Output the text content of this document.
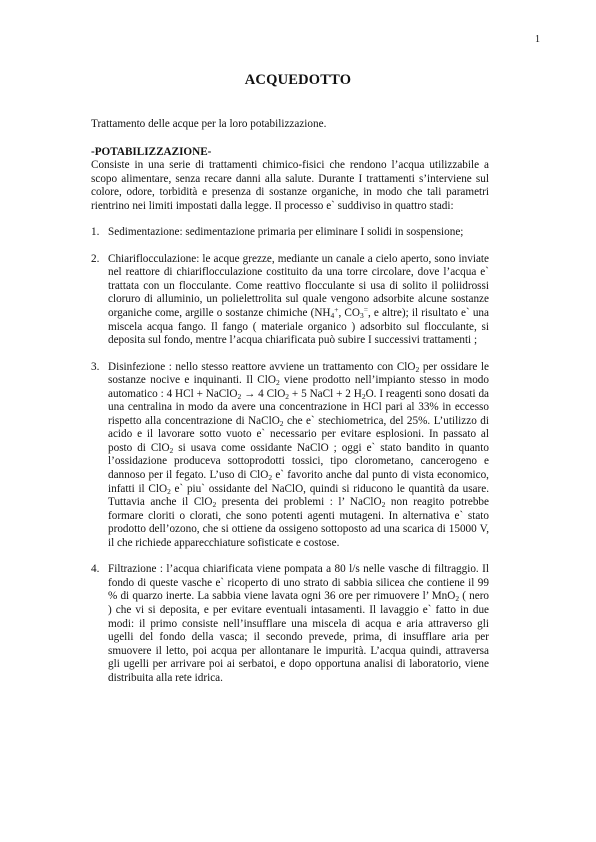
1
ACQUEDOTTO

Trattamento delle acque per la loro potabilizzazione.

-POTABILIZZAZIONE-

Consiste in una serie di trattamenti chimico-fisici che rendono l’acqua utilizzabile a scopo alimentare, senza recare danni alla salute. Durante I trattamenti s’interviene sul colore, odore, torbidità e presenza di sostanze organiche, in modo che tali parametri rientrino nei limiti impostati dalla legge. Il processo e` suddiviso in quattro stadi:

1. Sedimentazione: sedimentazione primaria per eliminare I solidi in sospensione;
2. Chiariflocculazione: le acque grezze, mediante un canale a cielo aperto, sono inviate nel reattore di chiariflocculazione costituito da una torre circolare, dove l’acqua e` trattata con un flocculante. Come reattivo flocculante si usa di solito il poliidrossi cloruro di alluminio, un polielettrolita sul quale vengono adsorbite alcune sostanze organiche come, argille o sostanze chimiche ($NH_4^+$, $CO_3^=$, e altre); il risultato e` una miscela acqua fango. Il fango ( materiale organico ) adsorbito sul flocculante, si deposita sul fondo, mentre l’acqua chiarificata può subire I successivi trattamenti ;
3. Disinfezione : nello stesso reattore avviene un trattamento con ClO$_2$ per ossidare le sostanze nocive e inquinanti. Il ClO$_2$ viene prodotto nell’impianto stesso in modo automatico : 4 HCl + NaClO$_2$ → 4 ClO$_2$ + 5 NaCl + 2 $H_2O$. I reagenti sono dosati da una centralina in modo da avere una concentrazione in HCl pari al 33% in eccesso rispetto alla concentrazione di NaClO$_2$ che e` stechiometrica, del 25%. L’utilizzo di acido e il lavorare sotto vuoto e` necessario per evitare esplosioni. In passato al posto di ClO$_2$ si usava come ossidante NaClO ; oggi e` stato bandito in quanto l’ossidazione produceva sottoprodotti tossici, tipo clorometano, cancerogeno e dannoso per il fegato. L’uso di ClO$_2$ e` favorito anche dal punto di vista economico, infatti il ClO$_2$ e` piu` ossidante del NaClO, quindi si riducono le quantità da usare. Tuttavia anche il ClO$_2$ presenta dei problemi : l’ NaClO$_2$ non reagito potrebbe formare cloriti o clorati, che sono potenti agenti mutageni. In alternativa e` stato prodotto dell’ozono, che si ottiene da ossigeno sottoposto ad una scarica di 15000 V, il che richiede apparecchiature sofisticate e costose.
4. Filtrazione : l’acqua chiarificata viene pompata a 80 l/s nelle vasche di filtraggio. Il fondo di queste vasche e` ricoperto di uno strato di sabbia silicea che contiene il 99 % di quarzo inerte. La sabbia viene lavata ogni 36 ore per rimuovere l’ MnO$_2$ ( nero ) che vi si deposita, e per evitare eventuali intasamenti. Il lavaggio e` fatto in due modi: il primo consiste nell’insufflare una miscela di acqua e aria attraverso gli ugelli del fondo della vasca; il secondo prevede, prima, di insufflare aria per smuovere il letto, poi acqua per allontanare le impurità. L’acqua quindi, attraversa gli ugelli per arrivare poi ai serbatoi, e dopo opportuna analisi di laboratorio, viene distribuita alla rete idrica.
